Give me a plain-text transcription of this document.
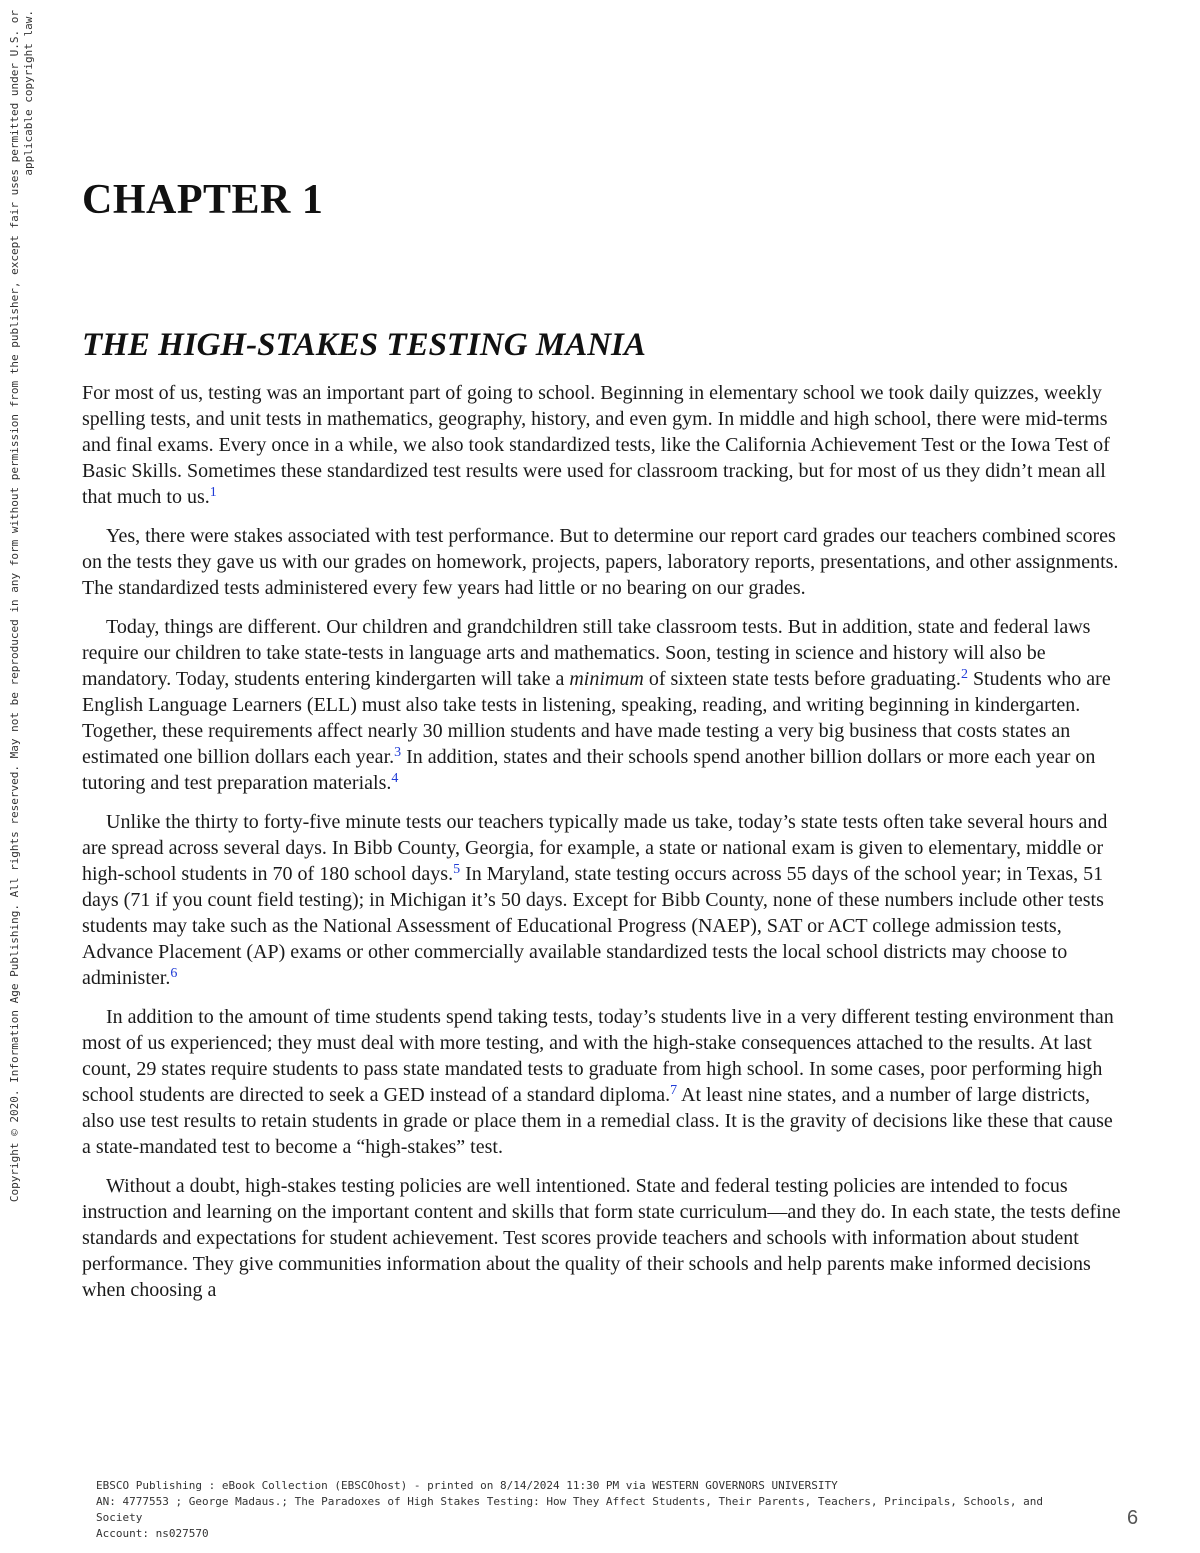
Copyright © 2020. Information Age Publishing. All rights reserved. May not be reproduced in any form without permission from the publisher, except fair uses permitted under U.S. or applicable copyright law.
CHAPTER 1
THE HIGH-STAKES TESTING MANIA

For most of us, testing was an important part of going to school. Beginning in elementary school we took daily quizzes, weekly spelling tests, and unit tests in mathematics, geography, history, and even gym. In middle and high school, there were mid-terms and final exams. Every once in a while, we also took standardized tests, like the California Achievement Test or the Iowa Test of Basic Skills. Sometimes these standardized test results were used for classroom tracking, but for most of us they didn’t mean all that much to us.$^1$

Yes, there were stakes associated with test performance. But to determine our report card grades our teachers combined scores on the tests they gave us with our grades on homework, projects, papers, laboratory reports, presentations, and other assignments. The standardized tests administered every few years had little or no bearing on our grades.

Today, things are different. Our children and grandchildren still take classroom tests. But in addition, state and federal laws require our children to take state-tests in language arts and mathematics. Soon, testing in science and history will also be mandatory. Today, students entering kindergarten will take a minimum of sixteen state tests before graduating.$^2$ Students who are English Language Learners (ELL) must also take tests in listening, speaking, reading, and writing beginning in kindergarten. Together, these requirements affect nearly 30 million students and have made testing a very big business that costs states an estimated one billion dollars each year.$^3$ In addition, states and their schools spend another billion dollars or more each year on tutoring and test preparation materials.$^4$

Unlike the thirty to forty-five minute tests our teachers typically made us take, today’s state tests often take several hours and are spread across several days. In Bibb County, Georgia, for example, a state or national exam is given to elementary, middle or high-school students in 70 of 180 school days.$^5$ In Maryland, state testing occurs across 55 days of the school year; in Texas, 51 days (71 if you count field testing); in Michigan it’s 50 days. Except for Bibb County, none of these numbers include other tests students may take such as the National Assessment of Educational Progress (NAEP), SAT or ACT college admission tests, Advance Placement (AP) exams or other commercially available standardized tests the local school districts may choose to administer.$^6$

In addition to the amount of time students spend taking tests, today’s students live in a very different testing environment than most of us experienced; they must deal with more testing, and with the high-stake consequences attached to the results. At last count, 29 states require students to pass state mandated tests to graduate from high school. In some cases, poor performing high school students are directed to seek a GED instead of a standard diploma.$^7$ At least nine states, and a number of large districts, also use test results to retain students in grade or place them in a remedial class. It is the gravity of decisions like these that cause a state-mandated test to become a “high-stakes” test.

Without a doubt, high-stakes testing policies are well intentioned. State and federal testing policies are intended to focus instruction and learning on the important content and skills that form state curriculum—and they do. In each state, the tests define standards and expectations for student achievement. Test scores provide teachers and schools with information about student performance. They give communities information about the quality of their schools and help parents make informed decisions when choosing a

EBSCO Publishing : eBook Collection (EBSCOhost) - printed on 8/14/2024 11:30 PM via WESTERN GOVERNORS UNIVERSITY
AN: 4777553 ; George Madaus.; The Paradoxes of High Stakes Testing: How They Affect Students, Their Parents, Teachers, Principals, Schools, and Society
Account: ns027570
6
